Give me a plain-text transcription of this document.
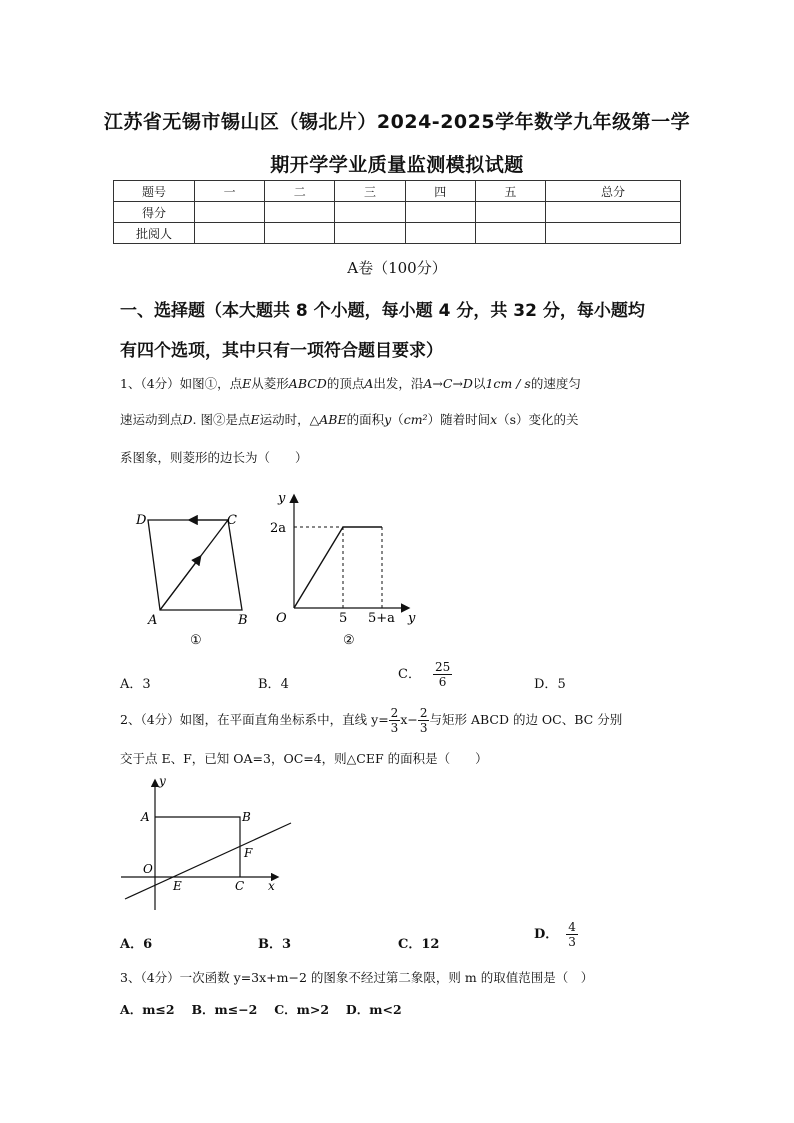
江苏省无锡市锡山区（锡北片）2024-2025学年数学九年级第一学
期开学学业质量监测模拟试题
题号	一	二	三	四	五	总分
得分						
批阅人						
A卷（100分）
一、选择题（本大题共 8 个小题，每小题 4 分，共 32 分，每小题均
有四个选项，其中只有一项符合题目要求）
1、（4分）如图①，点E从菱形ABCD的顶点A出发，沿A→C→D以1cm / s的速度匀
速运动到点D. 图②是点E运动时，△ABE的面积y（cm²）随着时间x（s）变化的关
系图象，则菱形的边长为（　　）
D	C
A	B
①
y
2a
O	5 5+a y
②
A．3	B．4
C． $\frac{25}{6}$	D．5
2、（4分）如图，在平面直角坐标系中，直线 $y= \frac{2}{3} x- \frac{2}{3}$ 与矩形 ABCD 的边 OC、BC 分别
交于点 E、F，已知 OA=3，OC=4，则△CEF 的面积是（　　）
y
A	B
F
O
E	C x
A．6	B．3	C．12
D． $\frac{4}{3}$
3、（4分）一次函数 y=3x+m−2 的图象不经过第二象限，则 m 的取值范围是（　）
A．m≤2　 B．m≤−2　 C．m>2　 D．m<2
